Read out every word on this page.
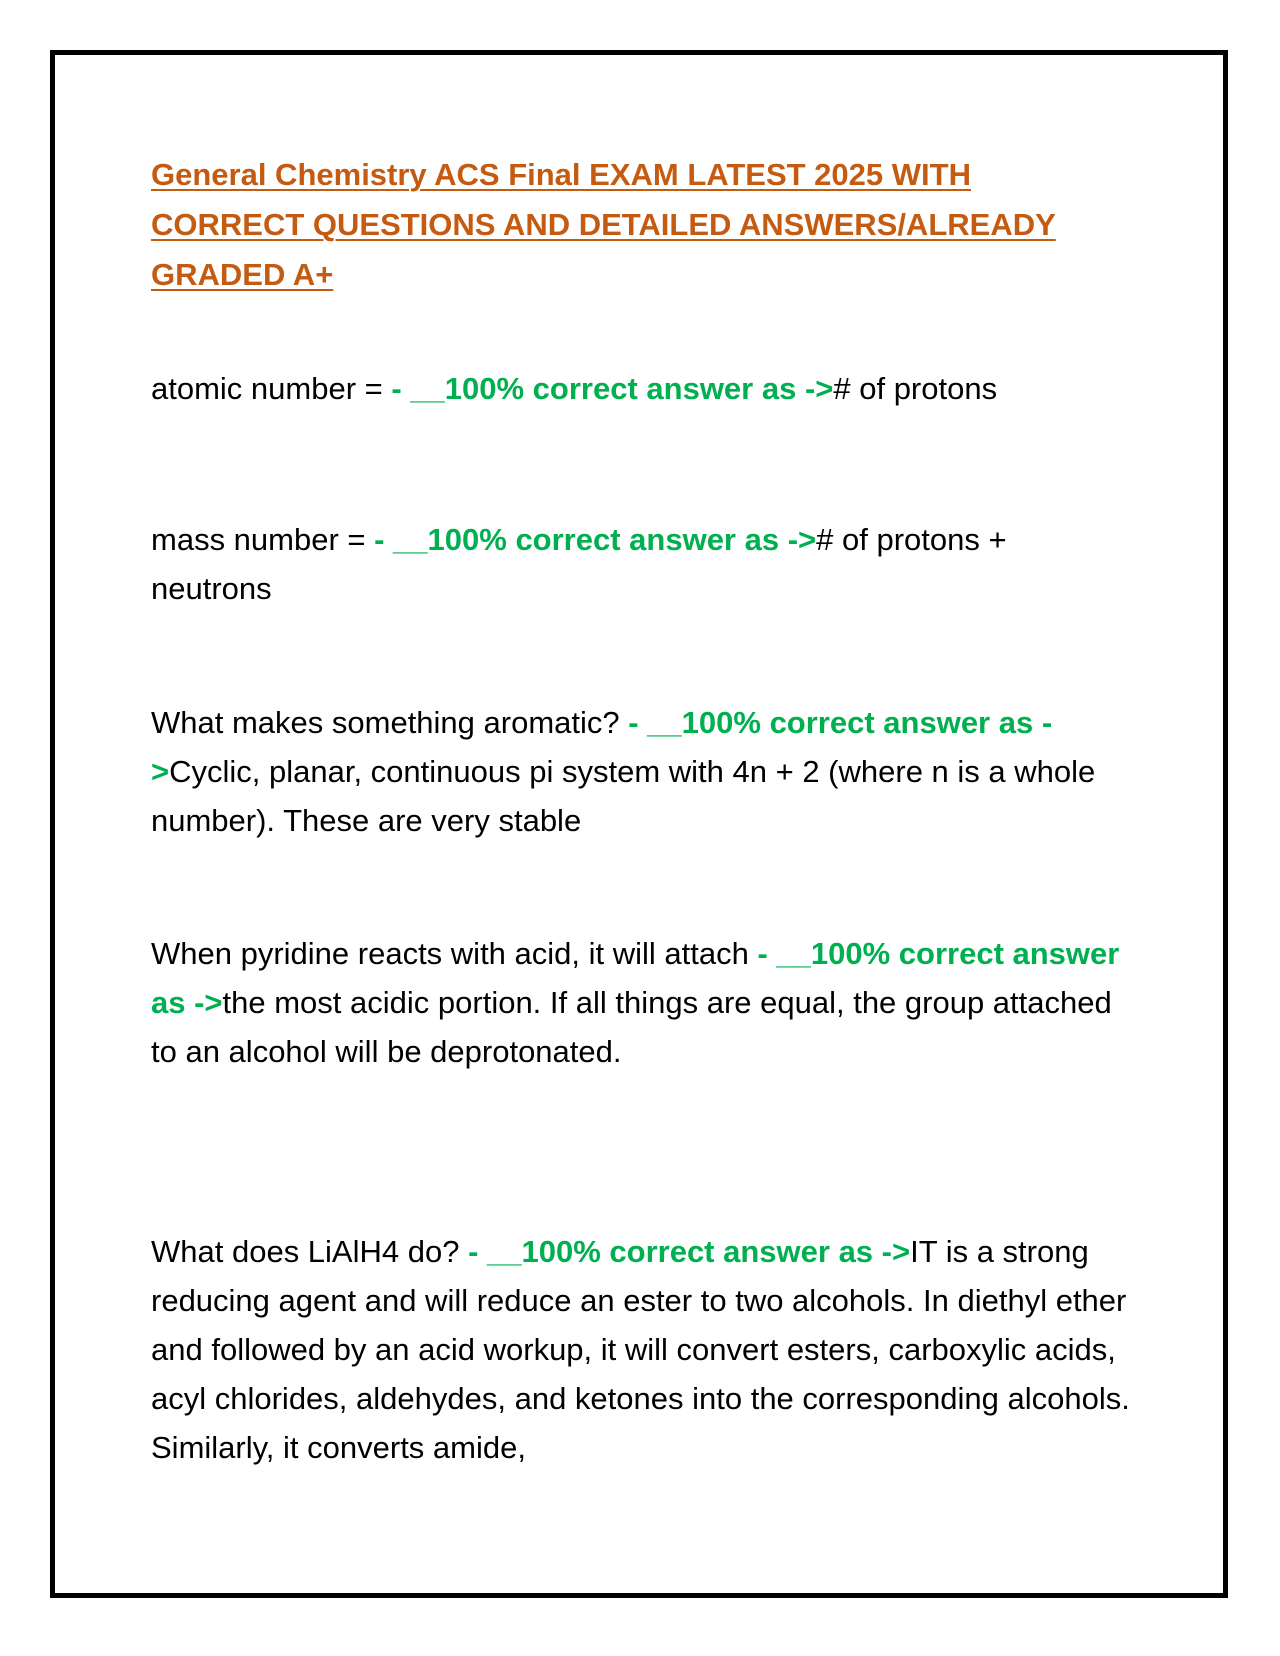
General Chemistry ACS Final EXAM LATEST 2025 WITH CORRECT QUESTIONS AND DETAILED ANSWERS/ALREADY GRADED A+

atomic number = - __100% correct answer as -># of protons

mass number = - __100% correct answer as -># of protons + neutrons

What makes something aromatic? - __100% correct answer as ->Cyclic, planar, continuous pi system with 4n + 2 (where n is a whole number). These are very stable

When pyridine reacts with acid, it will attach - __100% correct answer as ->the most acidic portion. If all things are equal, the group attached to an alcohol will be deprotonated.

What does LiAlH4 do? - __100% correct answer as ->IT is a strong reducing agent and will reduce an ester to two alcohols. In diethyl ether and followed by an acid workup, it will convert esters, carboxylic acids, acyl chlorides, aldehydes, and ketones into the corresponding alcohols. Similarly, it converts amide,
